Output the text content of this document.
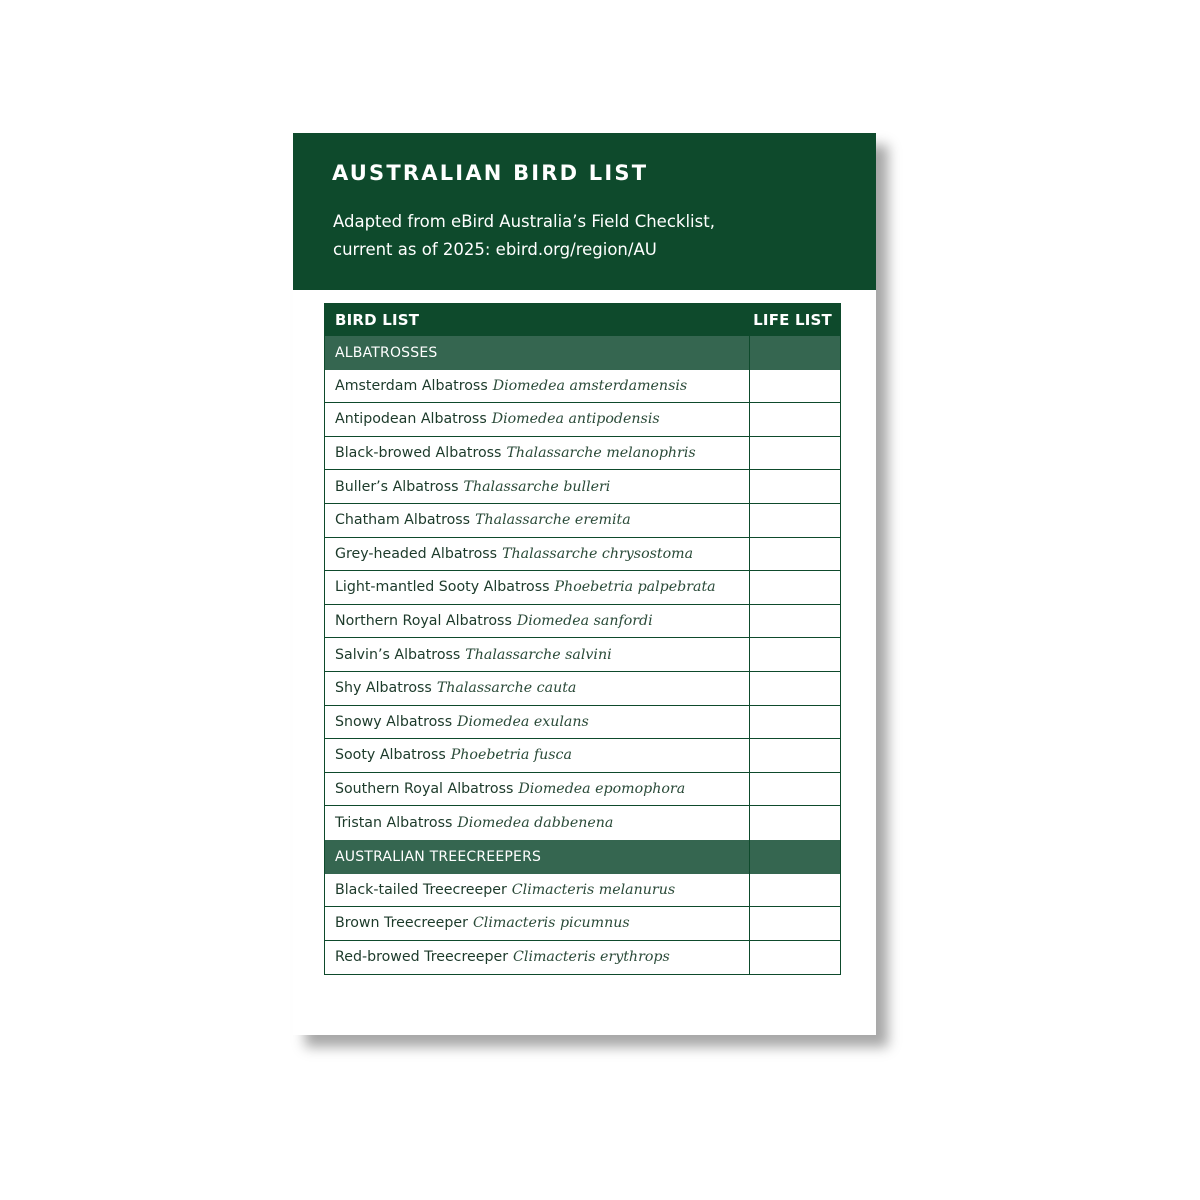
AUSTRALIAN BIRD LIST
Adapted from eBird Australia’s Field Checklist,
current as of 2025: ebird.org/region/AU
BIRD LIST	LIFE LIST
ALBATROSSES
Amsterdam Albatross Diomedea amsterdamensis
Antipodean Albatross Diomedea antipodensis
Black-browed Albatross Thalassarche melanophris
Buller’s Albatross Thalassarche bulleri
Chatham Albatross Thalassarche eremita
Grey-headed Albatross Thalassarche chrysostoma
Light-mantled Sooty Albatross Phoebetria palpebrata
Northern Royal Albatross Diomedea sanfordi
Salvin’s Albatross Thalassarche salvini
Shy Albatross Thalassarche cauta
Snowy Albatross Diomedea exulans
Sooty Albatross Phoebetria fusca
Southern Royal Albatross Diomedea epomophora
Tristan Albatross Diomedea dabbenena
AUSTRALIAN TREECREEPERS
Black-tailed Treecreeper Climacteris melanurus
Brown Treecreeper Climacteris picumnus
Red-browed Treecreeper Climacteris erythrops
